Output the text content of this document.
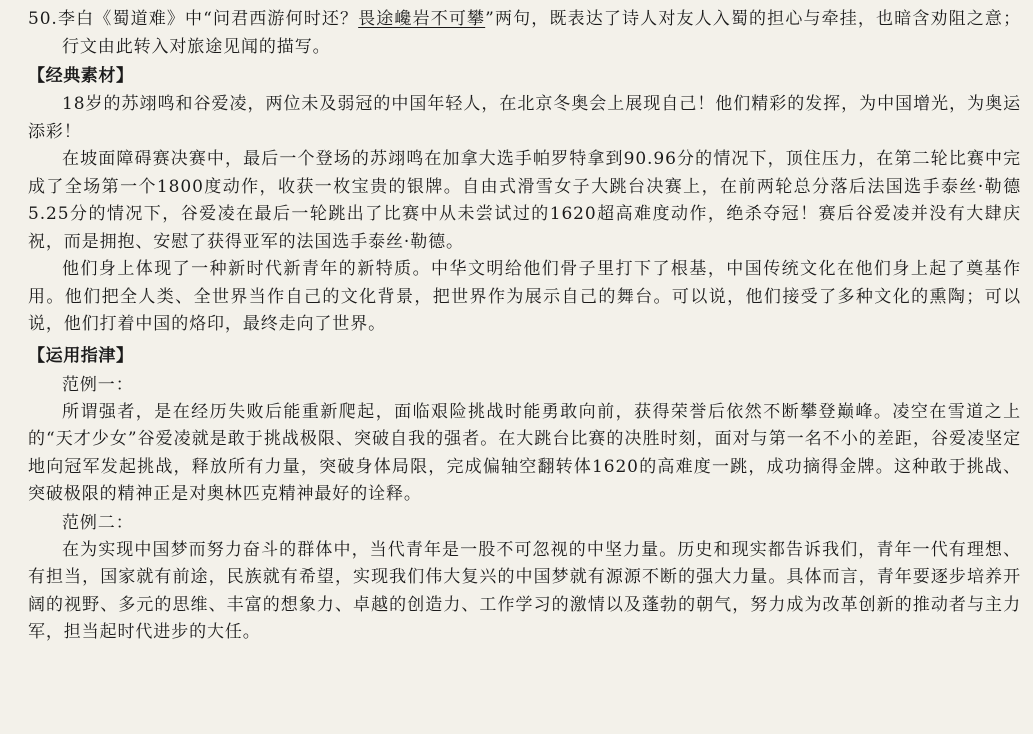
50.李白《蜀道难》中“问君西游何时还？畏途巉岩不可攀”两句，既表达了诗人对友人入蜀的担心与牵挂，也暗含劝阻之意；行文由此转入对旅途见闻的描写。

【经典素材】

18岁的苏翊鸣和谷爱凌，两位未及弱冠的中国年轻人，在北京冬奥会上展现自己！他们精彩的发挥，为中国增光，为奥运添彩！

在坡面障碍赛决赛中，最后一个登场的苏翊鸣在加拿大选手帕罗特拿到90.96分的情况下，顶住压力，在第二轮比赛中完成了全场第一个1800度动作，收获一枚宝贵的银牌。自由式滑雪女子大跳台决赛上，在前两轮总分落后法国选手泰丝·勒德5.25分的情况下，谷爱凌在最后一轮跳出了比赛中从未尝试过的1620超高难度动作，绝杀夺冠！赛后谷爱凌并没有大肆庆祝，而是拥抱、安慰了获得亚军的法国选手泰丝·勒德。

他们身上体现了一种新时代新青年的新特质。中华文明给他们骨子里打下了根基，中国传统文化在他们身上起了奠基作用。他们把全人类、全世界当作自己的文化背景，把世界作为展示自己的舞台。可以说，他们接受了多种文化的熏陶；可以说，他们打着中国的烙印，最终走向了世界。

【运用指津】

范例一：

所谓强者，是在经历失败后能重新爬起，面临艰险挑战时能勇敢向前，获得荣誉后依然不断攀登巅峰。凌空在雪道之上的“天才少女”谷爱凌就是敢于挑战极限、突破自我的强者。在大跳台比赛的决胜时刻，面对与第一名不小的差距，谷爱凌坚定地向冠军发起挑战，释放所有力量，突破身体局限，完成偏轴空翻转体1620的高难度一跳，成功摘得金牌。这种敢于挑战、突破极限的精神正是对奥林匹克精神最好的诠释。

范例二：

在为实现中国梦而努力奋斗的群体中，当代青年是一股不可忽视的中坚力量。历史和现实都告诉我们，青年一代有理想、有担当，国家就有前途，民族就有希望，实现我们伟大复兴的中国梦就有源源不断的强大力量。具体而言，青年要逐步培养开阔的视野、多元的思维、丰富的想象力、卓越的创造力、工作学习的激情以及蓬勃的朝气，努力成为改革创新的推动者与主力军，担当起时代进步的大任。
